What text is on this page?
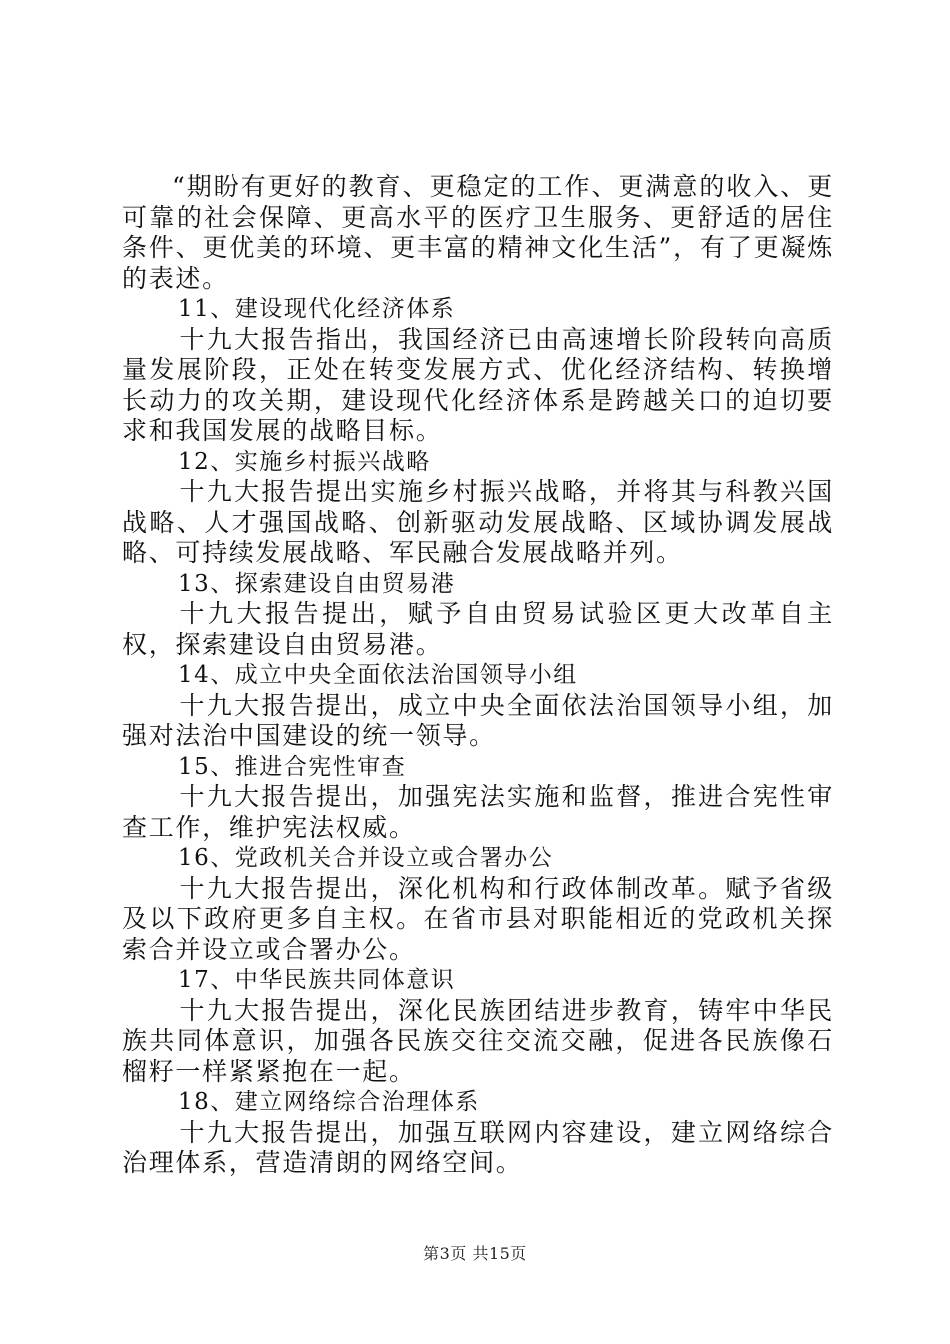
“期盼有更好的教育、更稳定的工作、更满意的收入、更可靠的社会保障、更高水平的医疗卫生服务、更舒适的居住条件、更优美的环境、更丰富的精神文化生活”，有了更凝炼的表述。

11、建设现代化经济体系

十九大报告指出，我国经济已由高速增长阶段转向高质量发展阶段，正处在转变发展方式、优化经济结构、转换增长动力的攻关期，建设现代化经济体系是跨越关口的迫切要求和我国发展的战略目标。

12、实施乡村振兴战略

十九大报告提出实施乡村振兴战略，并将其与科教兴国战略、人才强国战略、创新驱动发展战略、区域协调发展战略、可持续发展战略、军民融合发展战略并列。

13、探索建设自由贸易港

十九大报告提出，赋予自由贸易试验区更大改革自主权，探索建设自由贸易港。

14、成立中央全面依法治国领导小组

十九大报告提出，成立中央全面依法治国领导小组，加强对法治中国建设的统一领导。

15、推进合宪性审查

十九大报告提出，加强宪法实施和监督，推进合宪性审查工作，维护宪法权威。

16、党政机关合并设立或合署办公

十九大报告提出，深化机构和行政体制改革。赋予省级及以下政府更多自主权。在省市县对职能相近的党政机关探索合并设立或合署办公。

17、中华民族共同体意识

十九大报告提出，深化民族团结进步教育，铸牢中华民族共同体意识，加强各民族交往交流交融，促进各民族像石榴籽一样紧紧抱在一起。

18、建立网络综合治理体系

十九大报告提出，加强互联网内容建设，建立网络综合治理体系，营造清朗的网络空间。

第3页 共15页
